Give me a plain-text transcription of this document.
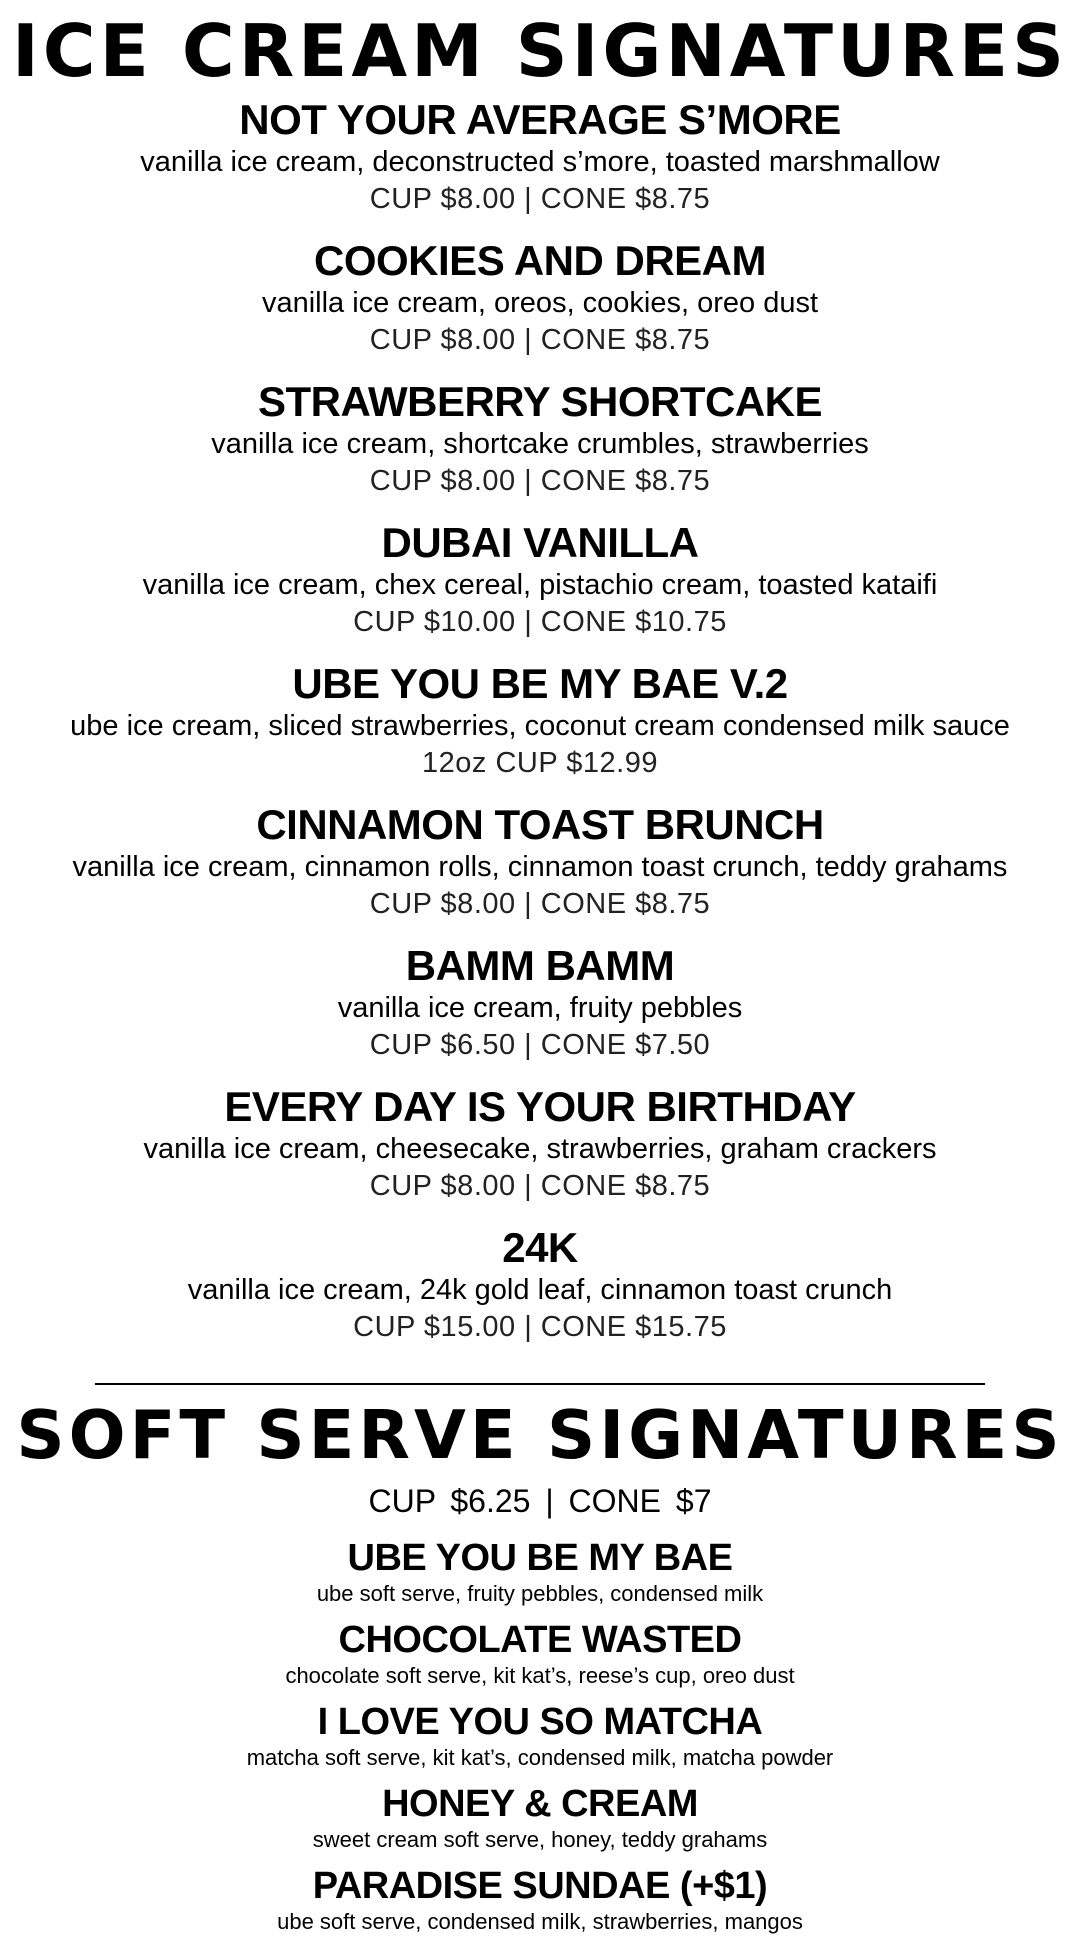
ICE CREAM SIGNATURES
NOT YOUR AVERAGE S’MORE
vanilla ice cream, deconstructed s’more, toasted marshmallow
CUP $8.00 | CONE $8.75
COOKIES AND DREAM
vanilla ice cream, oreos, cookies, oreo dust
CUP $8.00 | CONE $8.75
STRAWBERRY SHORTCAKE
vanilla ice cream, shortcake crumbles, strawberries
CUP $8.00 | CONE $8.75
DUBAI VANILLA
vanilla ice cream, chex cereal, pistachio cream, toasted kataifi
CUP $10.00 | CONE $10.75
UBE YOU BE MY BAE V.2
ube ice cream, sliced strawberries, coconut cream condensed milk sauce
12oz CUP $12.99
CINNAMON TOAST BRUNCH
vanilla ice cream, cinnamon rolls, cinnamon toast crunch, teddy grahams
CUP $8.00 | CONE $8.75
BAMM BAMM
vanilla ice cream, fruity pebbles
CUP $6.50 | CONE $7.50
EVERY DAY IS YOUR BIRTHDAY
vanilla ice cream, cheesecake, strawberries, graham crackers
CUP $8.00 | CONE $8.75
24K
vanilla ice cream, 24k gold leaf, cinnamon toast crunch
CUP $15.00 | CONE $15.75
SOFT SERVE SIGNATURES
CUP $6.25 | CONE $7
UBE YOU BE MY BAE
ube soft serve, fruity pebbles, condensed milk
CHOCOLATE WASTED
chocolate soft serve, kit kat’s, reese’s cup, oreo dust
I LOVE YOU SO MATCHA
matcha soft serve, kit kat’s, condensed milk, matcha powder
HONEY & CREAM
sweet cream soft serve, honey, teddy grahams
PARADISE SUNDAE (+$1)
ube soft serve, condensed milk, strawberries, mangos
